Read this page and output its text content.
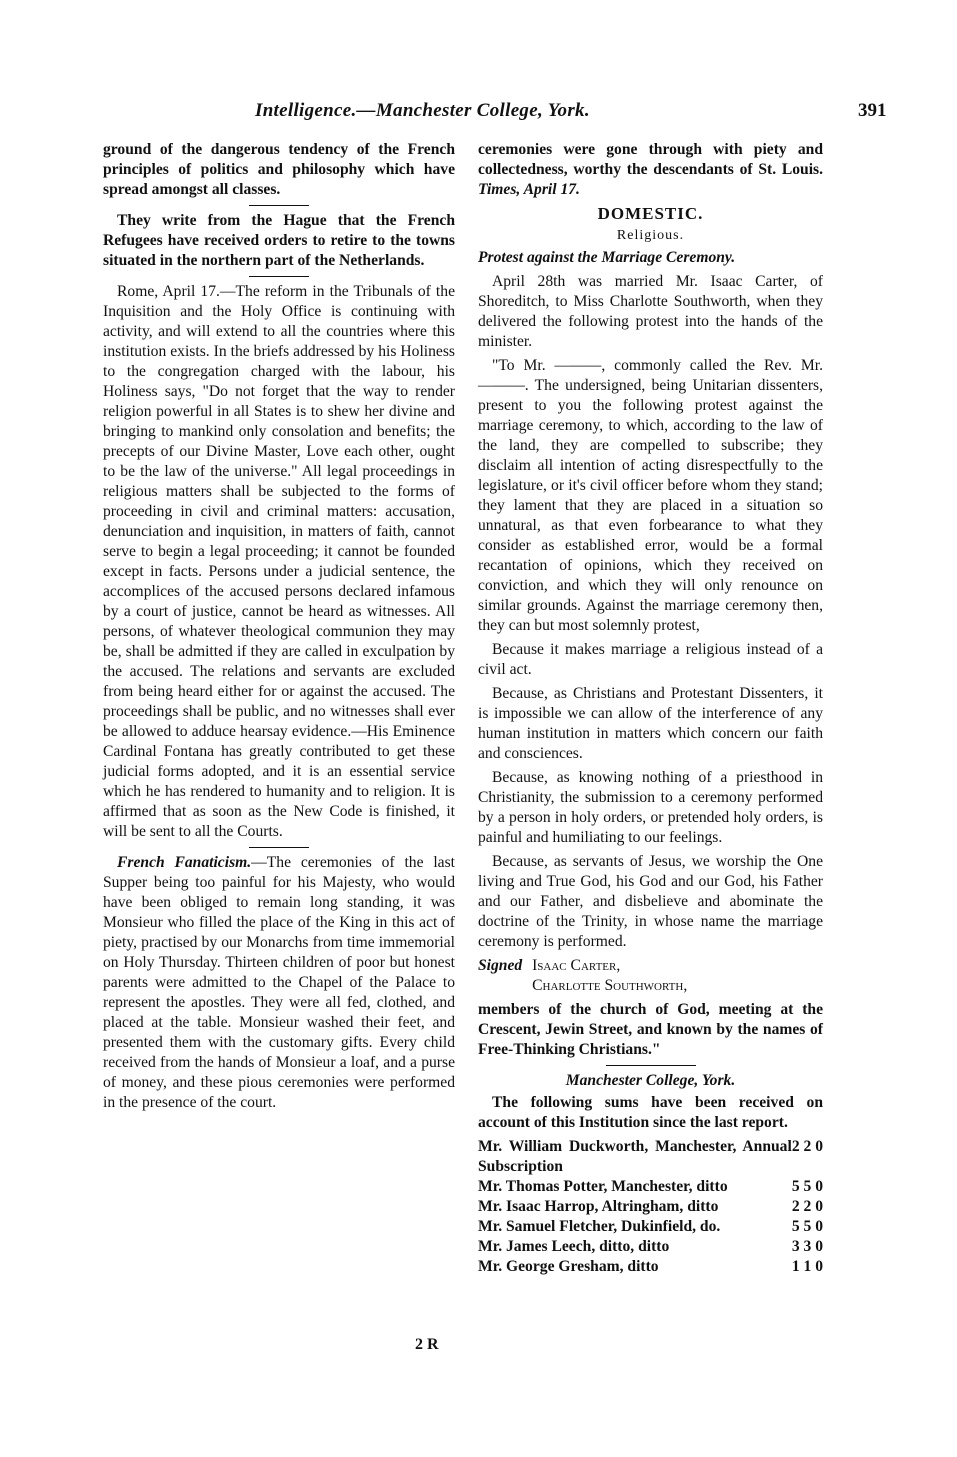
Intelligence.—Manchester College, York.	391

ground of the dangerous tendency of the French principles of politics and philosophy which have spread amongst all classes.

They write from the Hague that the French Refugees have received orders to retire to the towns situated in the northern part of the Netherlands.

Rome, April 17.—The reform in the Tribunals of the Inquisition and the Holy Office is continuing with activity, and will extend to all the countries where this institution exists. In the briefs addressed by his Holiness to the congregation charged with the labour, his Holiness says, "Do not forget that the way to render religion powerful in all States is to shew her divine and bringing to mankind only consolation and benefits; the precepts of our Divine Master, Love each other, ought to be the law of the universe." All legal proceedings in religious matters shall be subjected to the forms of proceeding in civil and criminal matters: accusation, denunciation and inquisition, in matters of faith, cannot serve to begin a legal proceeding; it cannot be founded except in facts. Persons under a judicial sentence, the accomplices of the accused persons declared infamous by a court of justice, cannot be heard as witnesses. All persons, of whatever theological communion they may be, shall be admitted if they are called in exculpation by the accused. The relations and servants are excluded from being heard either for or against the accused. The proceedings shall be public, and no witnesses shall ever be allowed to adduce hearsay evidence.—His Eminence Cardinal Fontana has greatly contributed to get these judicial forms adopted, and it is an essential service which he has rendered to humanity and to religion. It is affirmed that as soon as the New Code is finished, it will be sent to all the Courts.

French Fanaticism.—The ceremonies of the last Supper being too painful for his Majesty, who would have been obliged to remain long standing, it was Monsieur who filled the place of the King in this act of piety, practised by our Monarchs from time immemorial on Holy Thursday. Thirteen children of poor but honest parents were admitted to the Chapel of the Palace to represent the apostles. They were all fed, clothed, and placed at the table. Monsieur washed their feet, and presented them with the customary gifts. Every child received from the hands of Monsieur a loaf, and a purse of money, and these pious ceremonies were performed in the presence of the court.

ceremonies were gone through with piety and collectedness, worthy the descendants of St. Louis. Times, April 17.

DOMESTIC.
Religious.

Protest against the Marriage Ceremony.

April 28th was married Mr. Isaac Carter, of Shoreditch, to Miss Charlotte Southworth, when they delivered the following protest into the hands of the minister.

"To Mr. ———, commonly called the Rev. Mr. ———. The undersigned, being Unitarian dissenters, present to you the following protest against the marriage ceremony, to which, according to the law of the land, they are compelled to subscribe; they disclaim all intention of acting disrespectfully to the legislature, or it's civil officer before whom they stand; they lament that they are placed in a situation so unnatural, as that even forbearance to what they consider as established error, would be a formal recantation of opinions, which they received on conviction, and which they will only renounce on similar grounds. Against the marriage ceremony then, they can but most solemnly protest,

Because it makes marriage a religious instead of a civil act.

Because, as Christians and Protestant Dissenters, it is impossible we can allow of the interference of any human institution in matters which concern our faith and consciences.

Because, as knowing nothing of a priesthood in Christianity, the submission to a ceremony performed by a person in holy orders, or pretended holy orders, is painful and humiliating to our feelings.

Because, as servants of Jesus, we worship the One living and True God, his God and our God, his Father and our Father, and disbelieve and abominate the doctrine of the Trinity, in whose name the marriage ceremony is performed.

Signed Isaac Carter,
Charlotte Southworth,

members of the church of God, meeting at the Crescent, Jewin Street, and known by the names of Free-Thinking Christians."

Manchester College, York.

The following sums have been received on account of this Institution since the last report.

Mr. William Duckworth, Manchester, Annual Subscription
2 2 0
Mr. Thomas Potter, Manchester, ditto	5 5 0
Mr. Isaac Harrop, Altringham, ditto	2 2 0
Mr. Samuel Fletcher, Dukinfield, do.	5 5 0
Mr. James Leech, ditto, ditto	3 3 0
Mr. George Gresham, ditto	1 1 0
2 R
